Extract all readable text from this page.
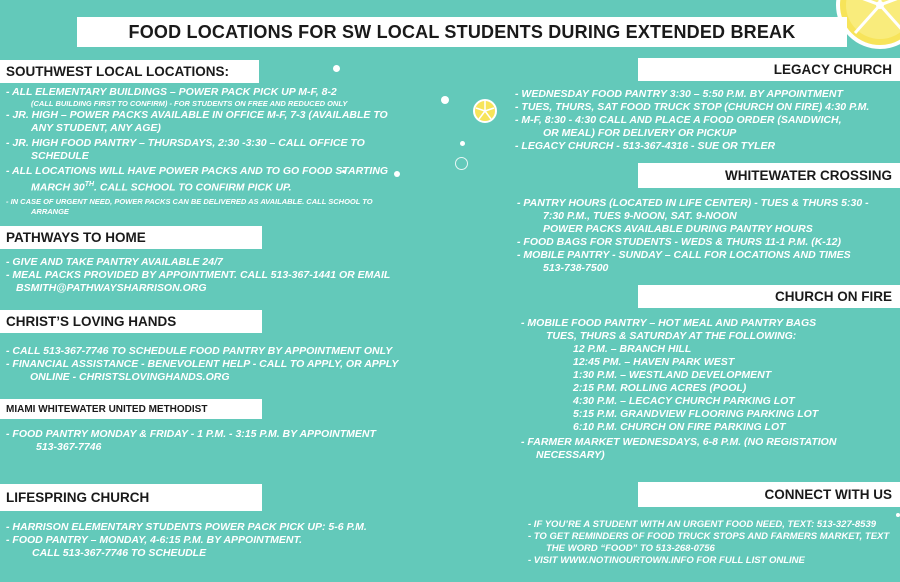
FOOD LOCATIONS FOR SW LOCAL STUDENTS DURING EXTENDED BREAK
SOUTHWEST LOCAL LOCATIONS:
- ALL ELEMENTARY BUILDINGS – POWER PACK PICK UP M-F, 8-2
(CALL BUILDING FIRST TO CONFIRM) - FOR STUDENTS ON FREE AND REDUCED ONLY
- JR. HIGH – POWER PACKS AVAILABLE IN OFFICE M-F, 7-3 (AVAILABLE TO
ANY STUDENT, ANY AGE)
- JR. HIGH FOOD PANTRY – THURSDAYS, 2:30 -3:30 – CALL OFFICE TO
SCHEDULE
- ALL LOCATIONS WILL HAVE POWER PACKS AND TO GO FOOD STARTING
MARCH 30TH. CALL SCHOOL TO CONFIRM PICK UP.
- IN CASE OF URGENT NEED, POWER PACKS CAN BE DELIVERED AS AVAILABLE. CALL SCHOOL TO
ARRANGE
PATHWAYS TO HOME
- GIVE AND TAKE PANTRY AVAILABLE 24/7
- MEAL PACKS PROVIDED BY APPOINTMENT. CALL 513-367-1441 OR EMAIL
BSMITH@PATHWAYSHARRISON.ORG
CHRIST’S LOVING HANDS
- CALL 513-367-7746 TO SCHEDULE FOOD PANTRY BY APPOINTMENT ONLY
- FINANCIAL ASSISTANCE - BENEVOLENT HELP - CALL TO APPLY, OR APPLY
ONLINE - CHRISTSLOVINGHANDS.ORG
MIAMI WHITEWATER UNITED METHODIST
- FOOD PANTRY MONDAY & FRIDAY - 1 P.M. - 3:15 P.M. BY APPOINTMENT
513-367-7746
LIFESPRING CHURCH
- HARRISON ELEMENTARY STUDENTS POWER PACK PICK UP: 5-6 P.M.
- FOOD PANTRY – MONDAY, 4-6:15 P.M. BY APPOINTMENT.
CALL 513-367-7746 TO SCHEUDLE
LEGACY CHURCH
- WEDNESDAY FOOD PANTRY 3:30 – 5:50 P.M. BY APPOINTMENT
- TUES, THURS, SAT FOOD TRUCK STOP (CHURCH ON FIRE) 4:30 P.M.
- M-F, 8:30 - 4:30 CALL AND PLACE A FOOD ORDER (SANDWICH,
OR MEAL) FOR DELIVERY OR PICKUP
- LEGACY CHURCH - 513-367-4316 - SUE OR TYLER
WHITEWATER CROSSING
- PANTRY HOURS (LOCATED IN LIFE CENTER) - TUES & THURS 5:30 -
7:30 P.M., TUES 9-NOON, SAT. 9-NOON
POWER PACKS AVAILABLE DURING PANTRY HOURS
- FOOD BAGS FOR STUDENTS - WEDS & THURS 11-1 P.M. (K-12)
- MOBILE PANTRY - SUNDAY – CALL FOR LOCATIONS AND TIMES
513-738-7500
CHURCH ON FIRE
- MOBILE FOOD PANTRY – HOT MEAL AND PANTRY BAGS
TUES, THURS & SATURDAY AT THE FOLLOWING:
12 P.M. – BRANCH HILL
12:45 PM. – HAVEN PARK WEST
1:30 P.M. – WESTLAND DEVELOPMENT
2:15 P.M. ROLLING ACRES (POOL)
4:30 P.M. – LECACY CHURCH PARKING LOT
5:15 P.M. GRANDVIEW FLOORING PARKING LOT
6:10 P.M. CHURCH ON FIRE PARKING LOT
- FARMER MARKET WEDNESDAYS, 6-8 P.M. (NO REGISTATION
NECESSARY)
CONNECT WITH US
- IF YOU’RE A STUDENT WITH AN URGENT FOOD NEED, TEXT: 513-327-8539
- TO GET REMINDERS OF FOOD TRUCK STOPS AND FARMERS MARKET, TEXT
THE WORD “FOOD” TO 513-268-0756
- VISIT WWW.NOTINOURTOWN.INFO FOR FULL LIST ONLINE
